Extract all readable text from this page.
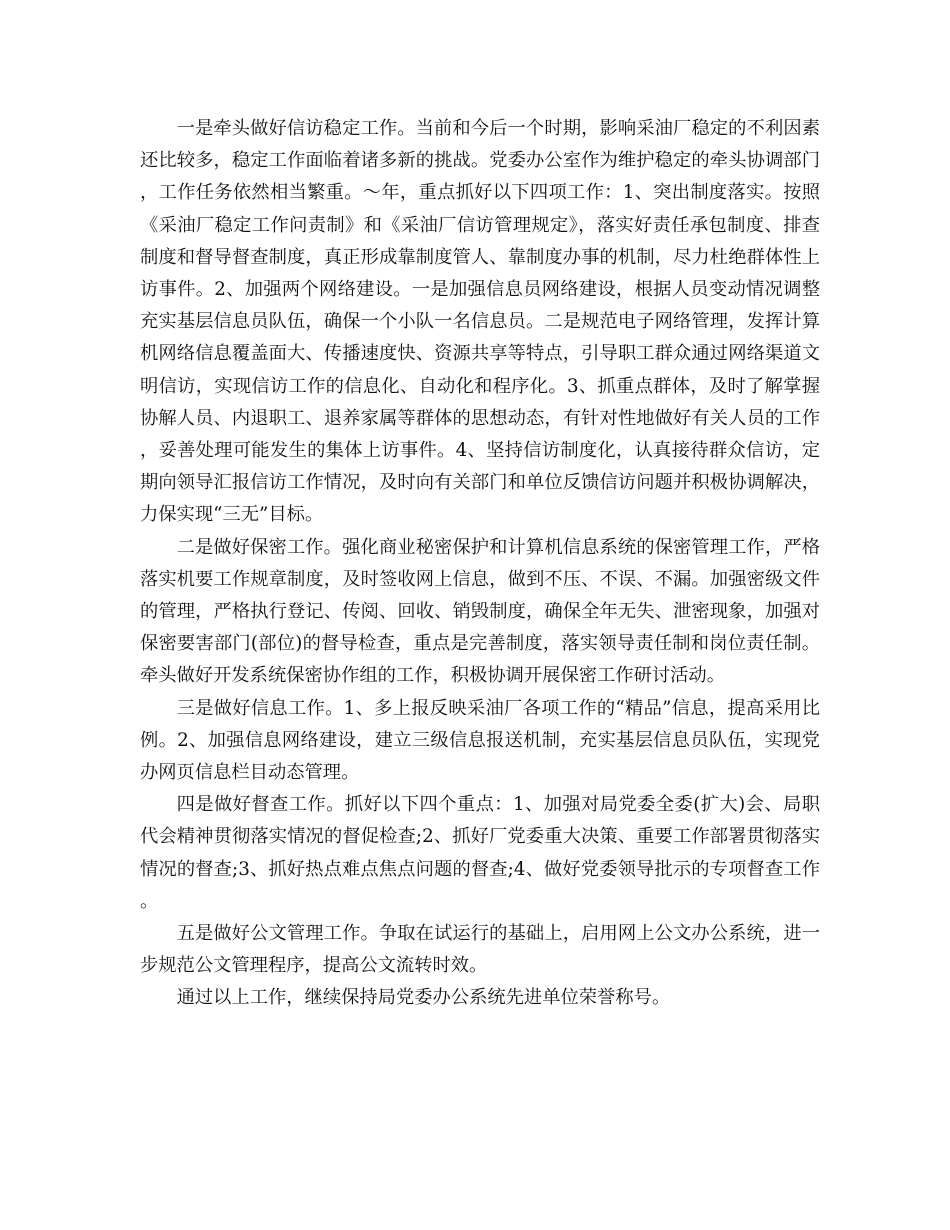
一是牵头做好信访稳定工作。当前和今后一个时期，影响采油厂稳定的不利因素还比较多，稳定工作面临着诸多新的挑战。党委办公室作为维护稳定的牵头协调部门，工作任务依然相当繁重。～年，重点抓好以下四项工作：1、突出制度落实。按照《采油厂稳定工作问责制》和《采油厂信访管理规定》，落实好责任承包制度、排查制度和督导督查制度，真正形成靠制度管人、靠制度办事的机制，尽力杜绝群体性上访事件。2、加强两个网络建设。一是加强信息员网络建设，根据人员变动情况调整充实基层信息员队伍，确保一个小队一名信息员。二是规范电子网络管理，发挥计算机网络信息覆盖面大、传播速度快、资源共享等特点，引导职工群众通过网络渠道文明信访，实现信访工作的信息化、自动化和程序化。3、抓重点群体，及时了解掌握协解人员、内退职工、退养家属等群体的思想动态，有针对性地做好有关人员的工作，妥善处理可能发生的集体上访事件。4、坚持信访制度化，认真接待群众信访，定期向领导汇报信访工作情况，及时向有关部门和单位反馈信访问题并积极协调解决，力保实现“三无”目标。

二是做好保密工作。强化商业秘密保护和计算机信息系统的保密管理工作，严格落实机要工作规章制度，及时签收网上信息，做到不压、不误、不漏。加强密级文件的管理，严格执行登记、传阅、回收、销毁制度，确保全年无失、泄密现象，加强对保密要害部门(部位)的督导检查，重点是完善制度，落实领导责任制和岗位责任制。牵头做好开发系统保密协作组的工作，积极协调开展保密工作研讨活动。

三是做好信息工作。1、多上报反映采油厂各项工作的“精品”信息，提高采用比例。2、加强信息网络建设，建立三级信息报送机制，充实基层信息员队伍，实现党办网页信息栏目动态管理。

四是做好督查工作。抓好以下四个重点：1、加强对局党委全委(扩大)会、局职代会精神贯彻落实情况的督促检查;2、抓好厂党委重大决策、重要工作部署贯彻落实情况的督查;3、抓好热点难点焦点问题的督查;4、做好党委领导批示的专项督查工作。

五是做好公文管理工作。争取在试运行的基础上，启用网上公文办公系统，进一步规范公文管理程序，提高公文流转时效。

通过以上工作，继续保持局党委办公系统先进单位荣誉称号。
